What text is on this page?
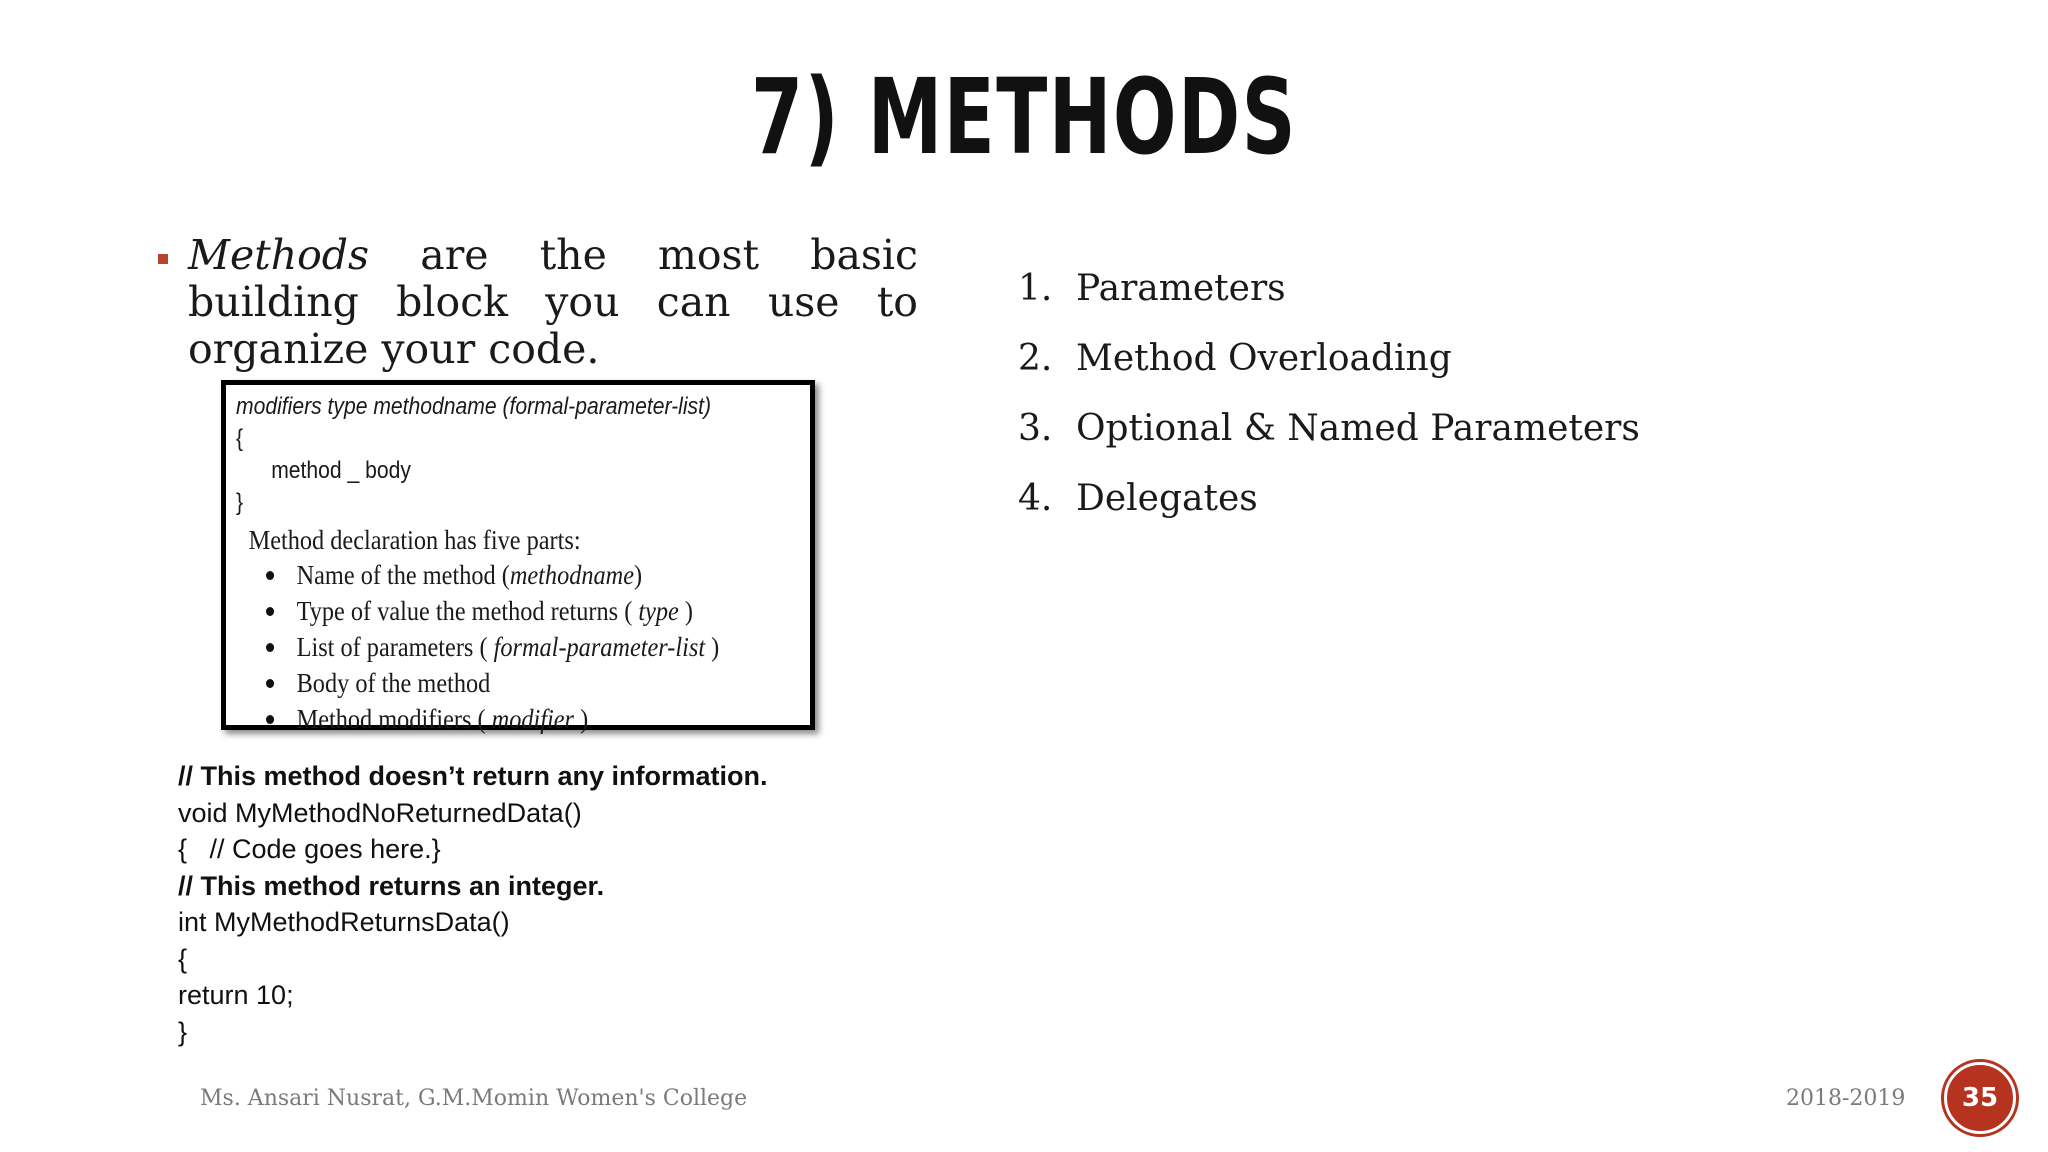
7) METHODS

Methods are the most basic building block you can use to organize your code.

modifiers type methodname (formal-parameter-list)
{
method _ body
}
Method declaration has five parts:
Name of the method (methodname)
Type of value the method returns ( type )
List of parameters ( formal-parameter-list )
Body of the method
Method modifiers ( modifier )
// This method doesn’t return any information.
void MyMethodNoReturnedData()
{   // Code goes here.}
// This method returns an integer.
int MyMethodReturnsData()
{
return 10;
}
1. Parameters
2. Method Overloading
3. Optional & Named Parameters
4. Delegates
Ms. Ansari Nusrat, G.M.Momin Women's College	2018-2019 35
